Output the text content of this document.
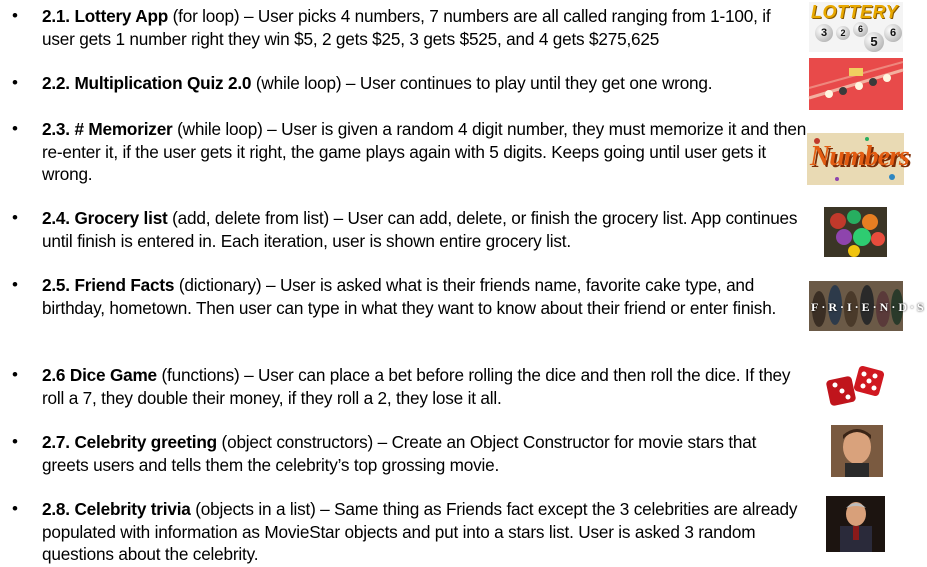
• 2.1. Lottery App (for loop) – User picks 4 numbers, 7 numbers are all called ranging from 1-100, if user gets 1 number right they win $5, 2 gets $25, 3 gets $525, and 4 gets $275,625
• 2.2. Multiplication Quiz 2.0 (while loop) – User continues to play until they get one wrong.
• 2.3. # Memorizer (while loop) – User is given a random 4 digit number, they must memorize it and then re-enter it, if the user gets it right, the game plays again with 5 digits. Keeps going until user gets it wrong.
• 2.4. Grocery list (add, delete from list) – User can add, delete, or finish the grocery list. App continues until finish is entered in. Each iteration, user is shown entire grocery list.
• 2.5. Friend Facts (dictionary) – User is asked what is their friends name, favorite cake type, and birthday, hometown. Then user can type in what they want to know about their friend or enter finish.
• 2.6 Dice Game (functions) – User can place a bet before rolling the dice and then roll the dice. If they roll a 7, they double their money, if they roll a 2, they lose it all.
• 2.7. Celebrity greeting (object constructors) – Create an Object Constructor for movie stars that greets users and tells them the celebrity’s top grossing movie.
• 2.8. Celebrity trivia (objects in a list) – Same thing as Friends fact except the 3 celebrities are already populated with information as MovieStar objects and put into a stars list. User is asked 3 random questions about the celebrity.
LOTTERY
3	2	6
5
6
Numbers
F·R·I·E·N·D·S
